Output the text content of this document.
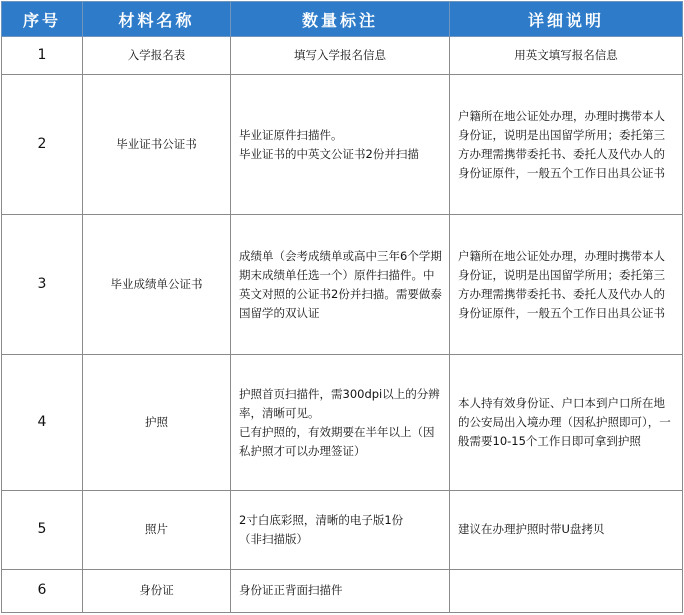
序号	材料名称	数量标注	详细说明
1	入学报名表	填写入学报名信息	用英文填写报名信息

2	毕业证书公证书	毕业证原件扫描件。
毕业证书的中英文公证书2份并扫描	户籍所在地公证处办理，办理时携带本人身份证，说明是出国留学所用；委托第三方办理需携带委托书、委托人及代办人的身份证原件，一般五个工作日出具公证书

3	毕业成绩单公证书	成绩单（会考成绩单或高中三年6个学期期末成绩单任选一个）原件扫描件。中英文对照的公证书2份并扫描。需要做泰国留学的双认证	户籍所在地公证处办理，办理时携带本人身份证，说明是出国留学所用；委托第三方办理需携带委托书、委托人及代办人的身份证原件，一般五个工作日出具公证书

4	护照	护照首页扫描件，需300dpi以上的分辨率，清晰可见。
已有护照的，有效期要在半年以上（因私护照才可以办理签证）	本人持有效身份证、户口本到户口所在地的公安局出入境办理（因私护照即可），一般需要10-15个工作日即可拿到护照

5	照片	2寸白底彩照，清晰的电子版1份（非扫描版）	建议在办理护照时带U盘拷贝

6	身份证	身份证正背面扫描件	
